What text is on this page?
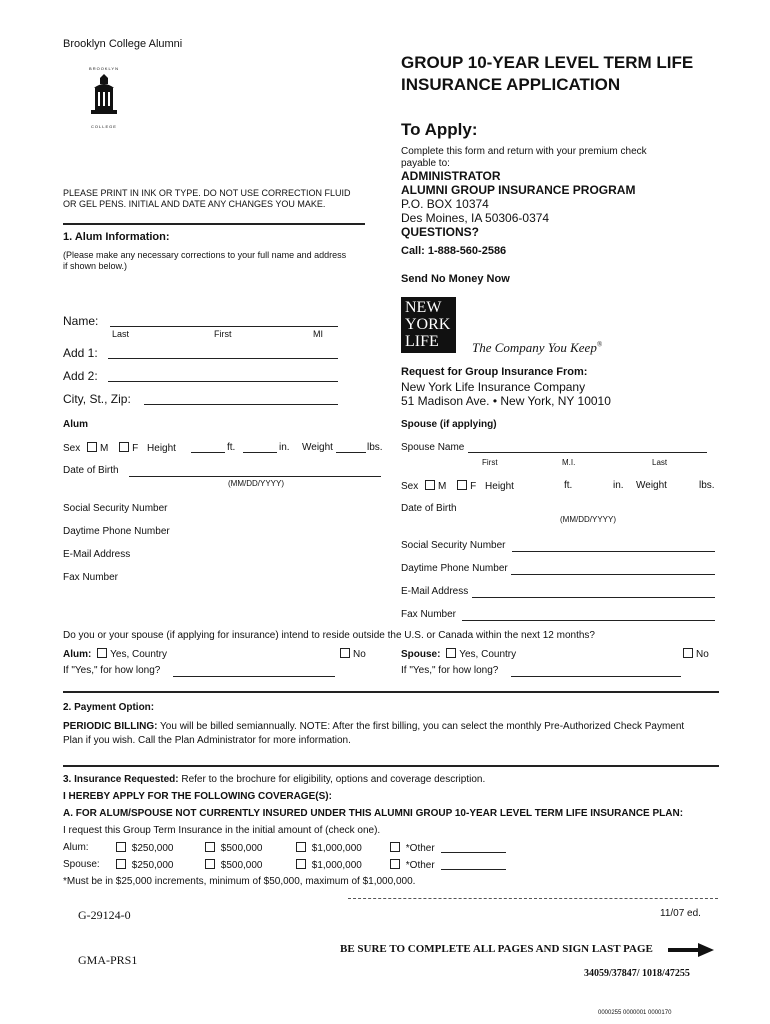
Brooklyn College Alumni
BROOKLYN
COLLEGE
GROUP 10-YEAR LEVEL TERM LIFE
INSURANCE APPLICATION
To Apply:
Complete this form and return with your premium check
payable to:
ADMINISTRATOR
ALUMNI GROUP INSURANCE PROGRAM
P.O. BOX 10374
Des Moines, IA 50306-0374
QUESTIONS?
Call: 1-888-560-2586
Send No Money Now
PLEASE PRINT IN INK OR TYPE. DO NOT USE CORRECTION FLUID
OR GEL PENS. INITIAL AND DATE ANY CHANGES YOU MAKE.
1. Alum Information:
(Please make any necessary corrections to your full name and address
if shown below.)
NEW
YORK
LIFE	The Company You Keep®
Name:
Last	First	MI
Add 1:
Add 2:
City, St., Zip:
Request for Group Insurance From:
New York Life Insurance Company
51 Madison Ave. • New York, NY 10010
Alum
Sex M F Height	ft.	in. Weight	lbs.
Date of Birth
(MM/DD/YYYY)
Social Security Number
Daytime Phone Number
E-Mail Address
Fax Number
Spouse (if applying)
Spouse Name
First	M.I.	Last
Sex M F Height	ft.	in. Weight	lbs.
Date of Birth
(MM/DD/YYYY)
Social Security Number
Daytime Phone Number
E-Mail Address
Fax Number
Do you or your spouse (if applying for insurance) intend to reside outside the U.S. or Canada within the next 12 months?
Alum: Yes, Country	No
If "Yes," for how long?
Spouse: Yes, Country	No
If "Yes," for how long?
2. Payment Option:
PERIODIC BILLING: You will be billed semiannually. NOTE: After the first billing, you can select the monthly Pre-Authorized Check Payment
Plan if you wish. Call the Plan Administrator for more information.
3. Insurance Requested: Refer to the brochure for eligibility, options and coverage description.
I HEREBY APPLY FOR THE FOLLOWING COVERAGE(S):
A. FOR ALUM/SPOUSE NOT CURRENTLY INSURED UNDER THIS ALUMNI GROUP 10-YEAR LEVEL TERM LIFE INSURANCE PLAN:
I request this Group Term Insurance in the initial amount of (check one).
Alum:	$250,000	$500,000	$1,000,000	*Other
Spouse:	$250,000	$500,000	$1,000,000	*Other
*Must be in $25,000 increments, minimum of $50,000, maximum of $1,000,000.
G-29124-0	11/07 ed.
GMA-PRS1
BE SURE TO COMPLETE ALL PAGES AND SIGN LAST PAGE
34059/37847/ 1018/47255
0000255 0000001 0000170
